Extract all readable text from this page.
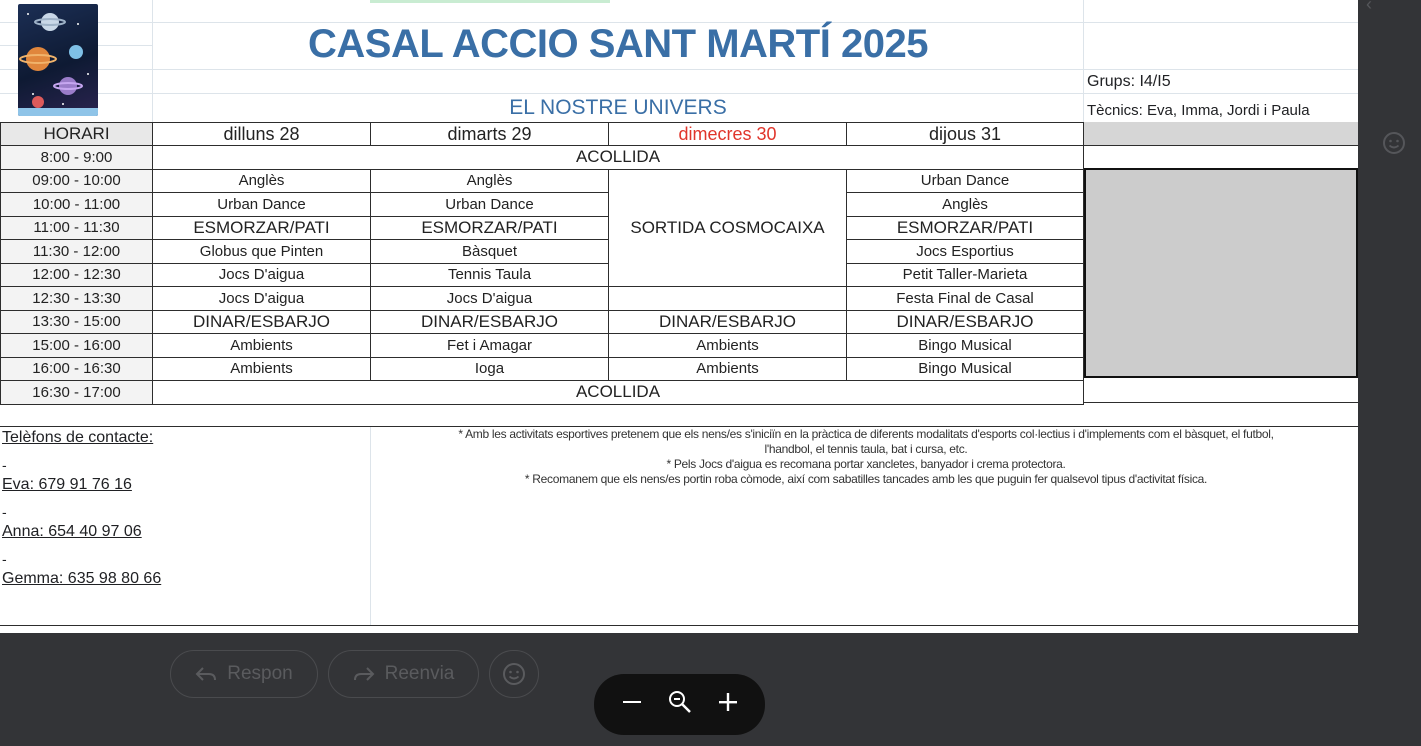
CASAL ACCIO SANT MARTÍ 2025
EL NOSTRE UNIVERS
Grups: I4/I5
Tècnics: Eva, Imma, Jordi i Paula
HORARI	dilluns 28	dimarts 29	dimecres 30	dijous 31
8:00 - 9:00	ACOLLIDA			
09:00 - 10:00	Anglès	Anglès	SORTIDA COSMOCAIXA	Urban Dance
10:00 - 11:00	Urban Dance	Urban Dance		Anglès
11:00 - 11:30	ESMORZAR/PATI	ESMORZAR/PATI		ESMORZAR/PATI
11:30 - 12:00	Globus que Pinten	Bàsquet		Jocs Esportius
12:00 - 12:30	Jocs D'aigua	Tennis Taula		Petit Taller-Marieta
12:30 - 13:30	Jocs D'aigua	Jocs D'aigua		Festa Final de Casal
13:30 - 15:00	DINAR/ESBARJO	DINAR/ESBARJO	DINAR/ESBARJO	DINAR/ESBARJO
15:00 - 16:00	Ambients	Fet i Amagar	Ambients	Bingo Musical
16:00 - 16:30	Ambients	Ioga	Ambients	Bingo Musical
16:30 - 17:00	ACOLLIDA			
Telèfons de contacte:
-
Eva: 679 91 76 16
-
Anna: 654 40 97 06
-
Gemma: 635 98 80 66
* Amb les activitats esportives pretenem que els nens/es s'iniciïn en la pràctica de diferents modalitats d'esports col·lectius i d'implements com el bàsquet, el futbol,
l'handbol, el tennis taula, bat i cursa, etc.
* Pels Jocs d'aigua es recomana portar xancletes, banyador i crema protectora.
* Recomanem que els nens/es portin roba còmode, així com sabatilles tancades amb les que puguin fer qualsevol tipus d'activitat física.
‹
Respon	Reenvia
